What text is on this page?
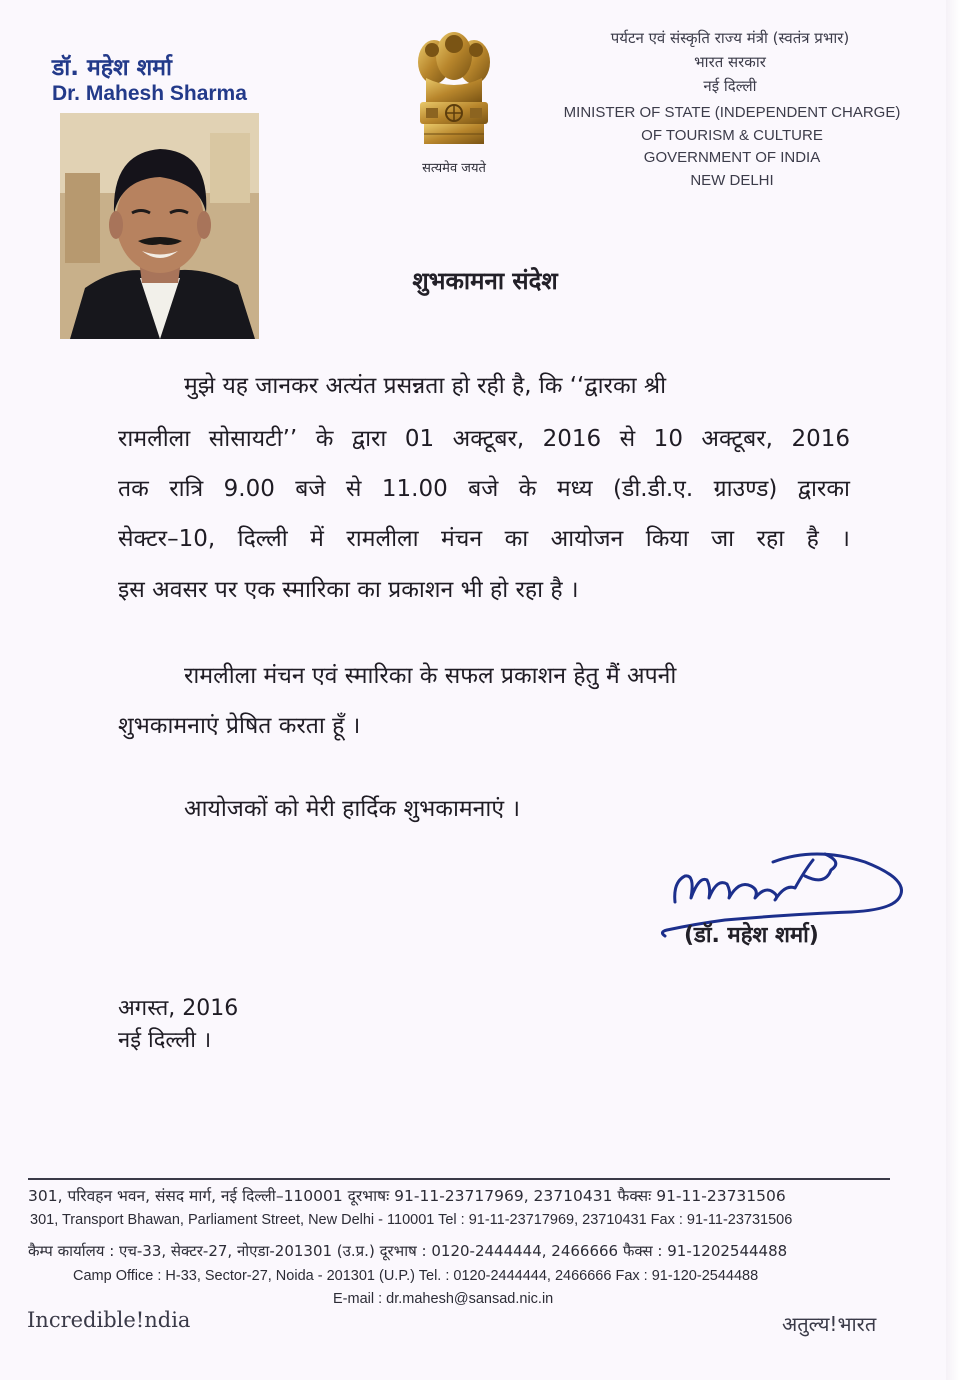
डॉ. महेश शर्मा
Dr. Mahesh Sharma
सत्यमेव जयते
पर्यटन एवं संस्कृति राज्य मंत्री (स्वतंत्र प्रभार)
भारत सरकार
नई दिल्ली
MINISTER OF STATE (INDEPENDENT CHARGE)
OF TOURISM & CULTURE
GOVERNMENT OF INDIA
NEW DELHI
शुभकामना संदेश
मुझे यह जानकर अत्यंत प्रसन्नता हो रही है, कि ‘‘द्वारका श्री
रामलीला सोसायटी’’ के द्वारा 01 अक्टूबर, 2016 से 10 अक्टूबर, 2016
तक रात्रि 9.00 बजे से 11.00 बजे के मध्य (डी.डी.ए. ग्राउण्ड) द्वारका
सेक्टर–10, दिल्ली में रामलीला मंचन का आयोजन किया जा रहा है ।
इस अवसर पर एक स्मारिका का प्रकाशन भी हो रहा है ।
रामलीला मंचन एवं स्मारिका के सफल प्रकाशन हेतु मैं अपनी
शुभकामनाएं प्रेषित करता हूँ ।
आयोजकों को मेरी हार्दिक शुभकामनाएं ।
(डॉ. महेश शर्मा)
अगस्त, 2016
नई दिल्ली ।
301, परिवहन भवन, संसद मार्ग, नई दिल्ली–110001 दूरभाषः 91-11-23717969, 23710431 फैक्सः 91-11-23731506
301, Transport Bhawan, Parliament Street, New Delhi - 110001 Tel : 91-11-23717969, 23710431 Fax : 91-11-23731506
कैम्प कार्यालय : एच-33, सेक्टर-27, नोएडा-201301 (उ.प्र.) दूरभाष : 0120-2444444, 2466666 फैक्स : 91-1202544488
Camp Office : H-33, Sector-27, Noida - 201301 (U.P.) Tel. : 0120-2444444, 2466666 Fax : 91-120-2544488
E-mail : dr.mahesh@sansad.nic.in
Incredible!ndia	अतुल्य!भारत
